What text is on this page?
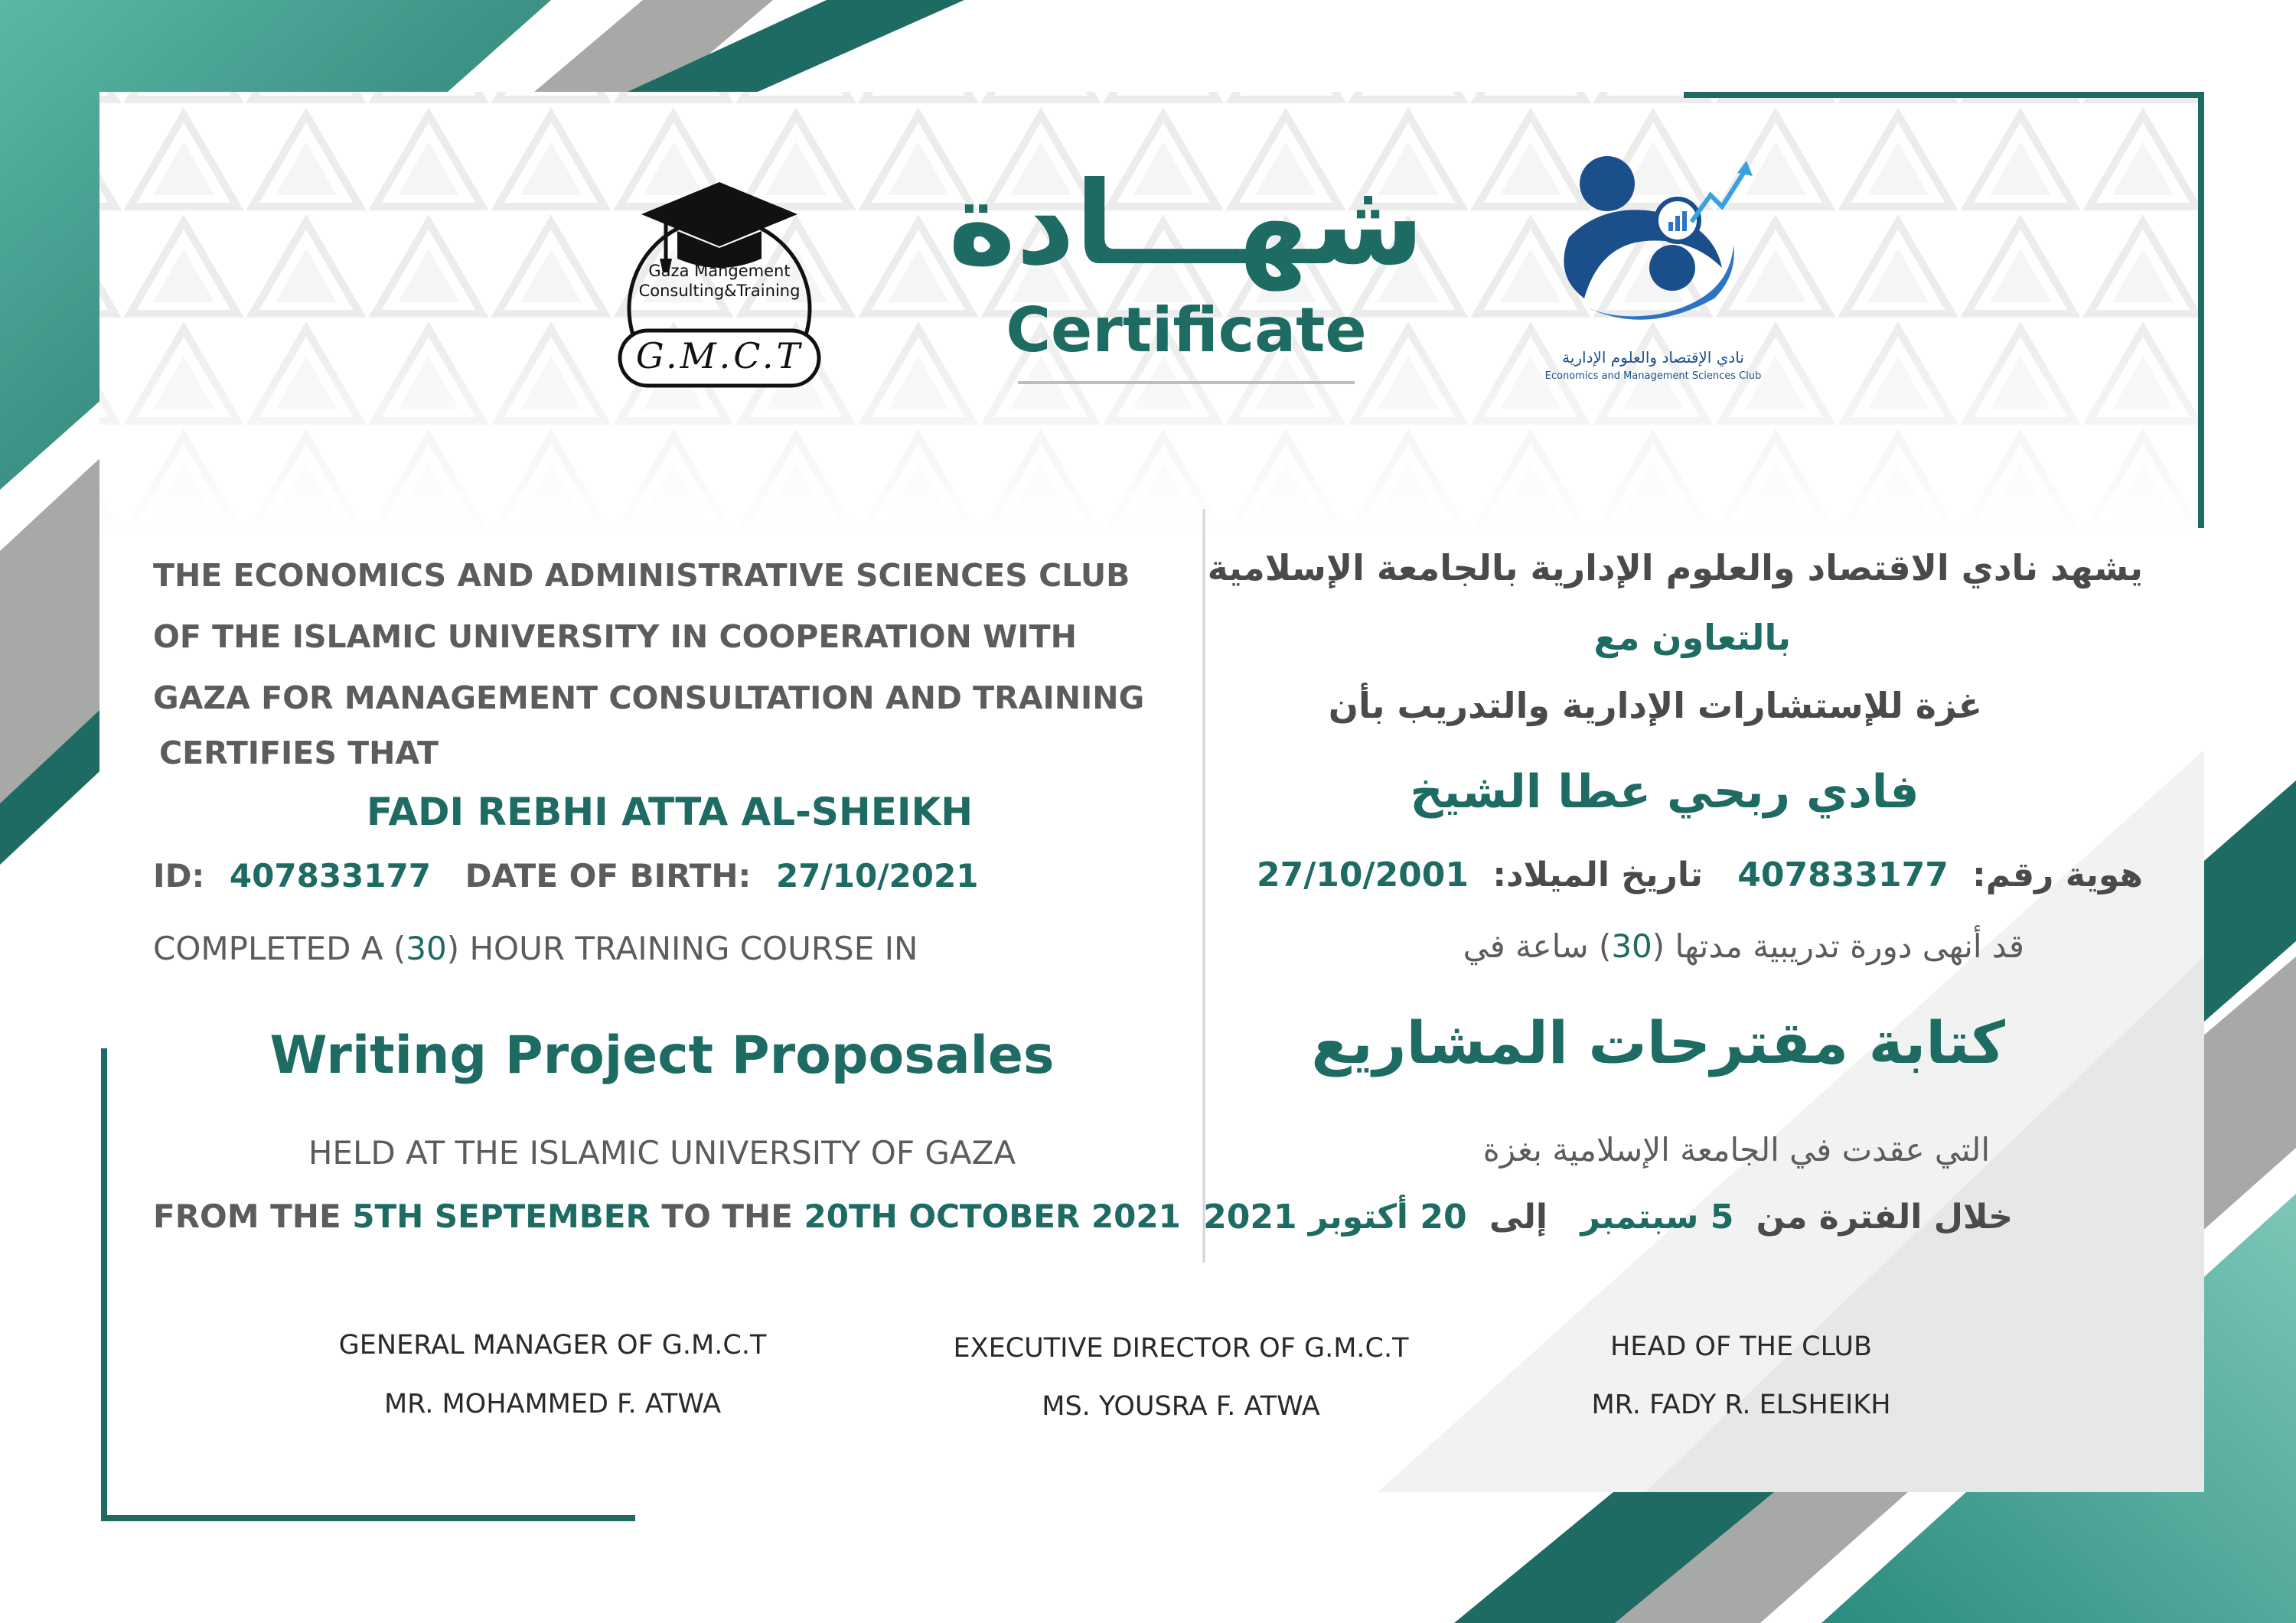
Gaza Mangement
Consulting&Training
G.M.C.T
شهـــادة
Certificate	نادي الإقتصاد والعلوم الإدارية
Economics and Management Sciences Club
THE ECONOMICS AND ADMINISTRATIVE SCIENCES CLUB
OF THE ISLAMIC UNIVERSITY IN COOPERATION WITH
GAZA FOR MANAGEMENT CONSULTATION AND TRAINING
CERTIFIES THAT
FADI REBHI ATTA AL-SHEIKH
ID: 407833177 DATE OF BIRTH: 27/10/2021
COMPLETED A (30) HOUR TRAINING COURSE IN
Writing Project Proposales
HELD AT THE ISLAMIC UNIVERSITY OF GAZA
FROM THE 5TH SEPTEMBER TO THE 20TH OCTOBER 2021
يشهد نادي الاقتصاد والعلوم الإدارية بالجامعة الإسلامية
بالتعاون مع
غزة للإستشارات الإدارية والتدريب بأن
فادي ربحي عطا الشيخ
هوية رقم: 407833177 تاريخ الميلاد: 27/10/2001
قد أنهى دورة تدريبية مدتها (30) ساعة في
كتابة مقترحات المشاريع
التي عقدت في الجامعة الإسلامية بغزة
خلال الفترة من 5 سبتمبر إلى 20 أكتوبر 2021
GENERAL MANAGER OF G.M.C.T
MR. MOHAMMED F. ATWA
EXECUTIVE DIRECTOR OF G.M.C.T
MS. YOUSRA F. ATWA
HEAD OF THE CLUB
MR. FADY R. ELSHEIKH
